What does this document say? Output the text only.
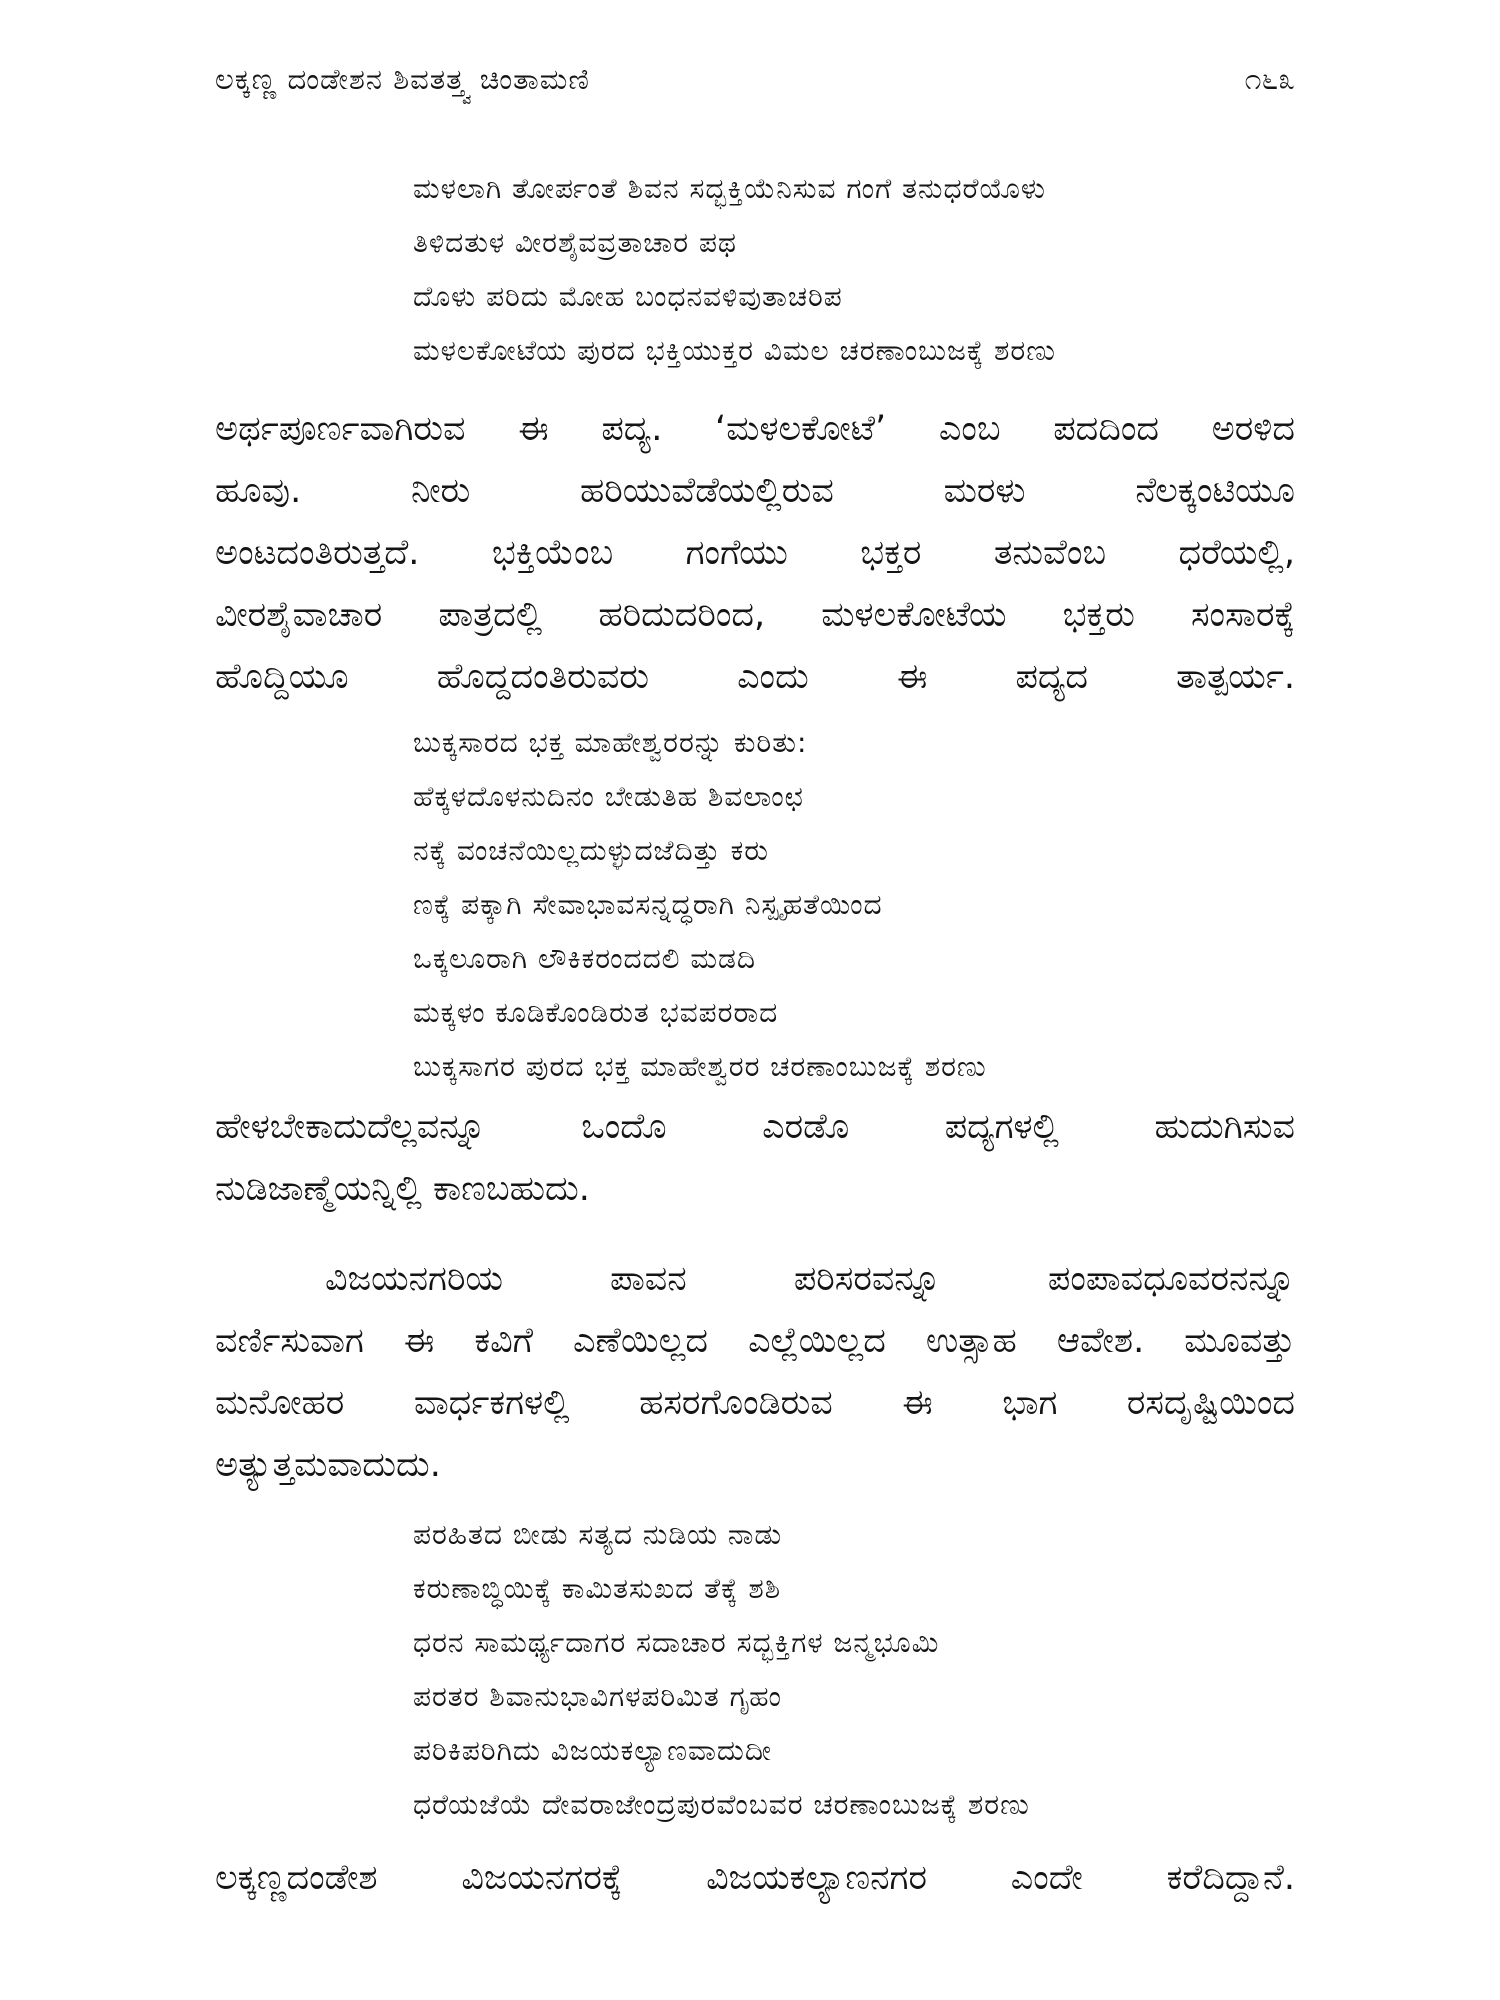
ಲಕ್ಕಣ್ಣ ದಂಡೇಶನ ಶಿವತತ್ತ್ವ ಚಿಂತಾಮಣಿ	೧೬೩
ಮಳಲಾಗಿ ತೋರ್ಪಂತೆ ಶಿವನ ಸದ್ಭಕ್ತಿಯೆನಿಸುವ ಗಂಗೆ ತನುಧರೆಯೊಳು
ತಿಳಿದತುಳ ವೀರಶೈವವ್ರತಾಚಾರ ಪಥ
ದೊಳು ಪರಿದು ಮೋಹ ಬಂಧನವಳಿವುತಾಚರಿಪ
ಮಳಲಕೋಟೆಯ ಪುರದ ಭಕ್ತಿಯುಕ್ತರ ವಿಮಲ ಚರಣಾಂಬುಜಕ್ಕೆ ಶರಣು
ಅರ್ಥಪೂರ್ಣವಾಗಿರುವ ಈ ಪದ್ಯ. ‘ಮಳಲಕೋಟೆ’ ಎಂಬ ಪದದಿಂದ ಅರಳಿದ
ಹೂವು. ನೀರು ಹರಿಯುವೆಡೆಯಲ್ಲಿರುವ ಮರಳು ನೆಲಕ್ಕಂಟಿಯೂ
ಅಂಟದಂತಿರುತ್ತದೆ. ಭಕ್ತಿಯೆಂಬ ಗಂಗೆಯು ಭಕ್ತರ ತನುವೆಂಬ ಧರೆಯಲ್ಲಿ,
ವೀರಶೈವಾಚಾರ ಪಾತ್ರದಲ್ಲಿ ಹರಿದುದರಿಂದ, ಮಳಲಕೋಟೆಯ ಭಕ್ತರು ಸಂಸಾರಕ್ಕೆ
ಹೊದ್ದಿಯೂ ಹೊದ್ದದಂತಿರುವರು ಎಂದು ಈ ಪದ್ಯದ ತಾತ್ಪರ್ಯ.
ಬುಕ್ಕಸಾರದ ಭಕ್ತ ಮಾಹೇಶ್ವರರನ್ನು ಕುರಿತು:
ಹೆಕ್ಕಳದೊಳನುದಿನಂ ಬೇಡುತಿಹ ಶಿವಲಾಂಛ
ನಕ್ಕೆ ವಂಚನೆಯಿಲ್ಲದುಳ್ಳುದಜೆದಿತ್ತು ಕರು
ಣಕ್ಕೆ ಪಕ್ಕಾಗಿ ಸೇವಾಭಾವಸನ್ನದ್ಧರಾಗಿ ನಿಸ್ಪೃಹತೆಯಿಂದ
ಒಕ್ಕಲೂರಾಗಿ ಲೌಕಿಕರಂದದಲಿ ಮಡದಿ
ಮಕ್ಕಳಂ ಕೂಡಿಕೊಂಡಿರುತ ಭವಪರರಾದ
ಬುಕ್ಕಸಾಗರ ಪುರದ ಭಕ್ತ ಮಾಹೇಶ್ವರರ ಚರಣಾಂಬುಜಕ್ಕೆ ಶರಣು
ಹೇಳಬೇಕಾದುದೆಲ್ಲವನ್ನೂ ಒಂದೊ ಎರಡೊ ಪದ್ಯಗಳಲ್ಲಿ ಹುದುಗಿಸುವ
ನುಡಿಜಾಣ್ಮೆಯನ್ನಿಲ್ಲಿ ಕಾಣಬಹುದು.
ವಿಜಯನಗರಿಯ ಪಾವನ ಪರಿಸರವನ್ನೂ ಪಂಪಾವಧೂವರನನ್ನೂ
ವರ್ಣಿಸುವಾಗ ಈ ಕವಿಗೆ ಎಣೆಯಿಲ್ಲದ ಎಲ್ಲೆಯಿಲ್ಲದ ಉತ್ಸಾಹ ಆವೇಶ. ಮೂವತ್ತು
ಮನೋಹರ ವಾರ್ಧಕಗಳಲ್ಲಿ ಹಸರಗೊಂಡಿರುವ ಈ ಭಾಗ ರಸದೃಷ್ಟಿಯಿಂದ
ಅತ್ಯುತ್ತಮವಾದುದು.
ಪರಹಿತದ ಬೀಡು ಸತ್ಯದ ನುಡಿಯ ನಾಡು
ಕರುಣಾಬ್ಧಿಯಿಕ್ಕೆ ಕಾಮಿತಸುಖದ ತೆಕ್ಕೆ ಶಶಿ
ಧರನ ಸಾಮರ್ಥ್ಯದಾಗರ ಸದಾಚಾರ ಸದ್ಭಕ್ತಿಗಳ ಜನ್ಮಭೂಮಿ
ಪರತರ ಶಿವಾನುಭಾವಿಗಳಪರಿಮಿತ ಗೃಹಂ
ಪರಿಕಿಪರಿಗಿದು ವಿಜಯಕಲ್ಯಾಣವಾದುದೀ
ಧರೆಯಜೆಯೆ ದೇವರಾಜೇಂದ್ರಪುರವೆಂಬವರ ಚರಣಾಂಬುಜಕ್ಕೆ ಶರಣು
ಲಕ್ಕಣ್ಣದಂಡೇಶ ವಿಜಯನಗರಕ್ಕೆ ವಿಜಯಕಲ್ಯಾಣನಗರ ಎಂದೇ ಕರೆದಿದ್ದಾನೆ.
